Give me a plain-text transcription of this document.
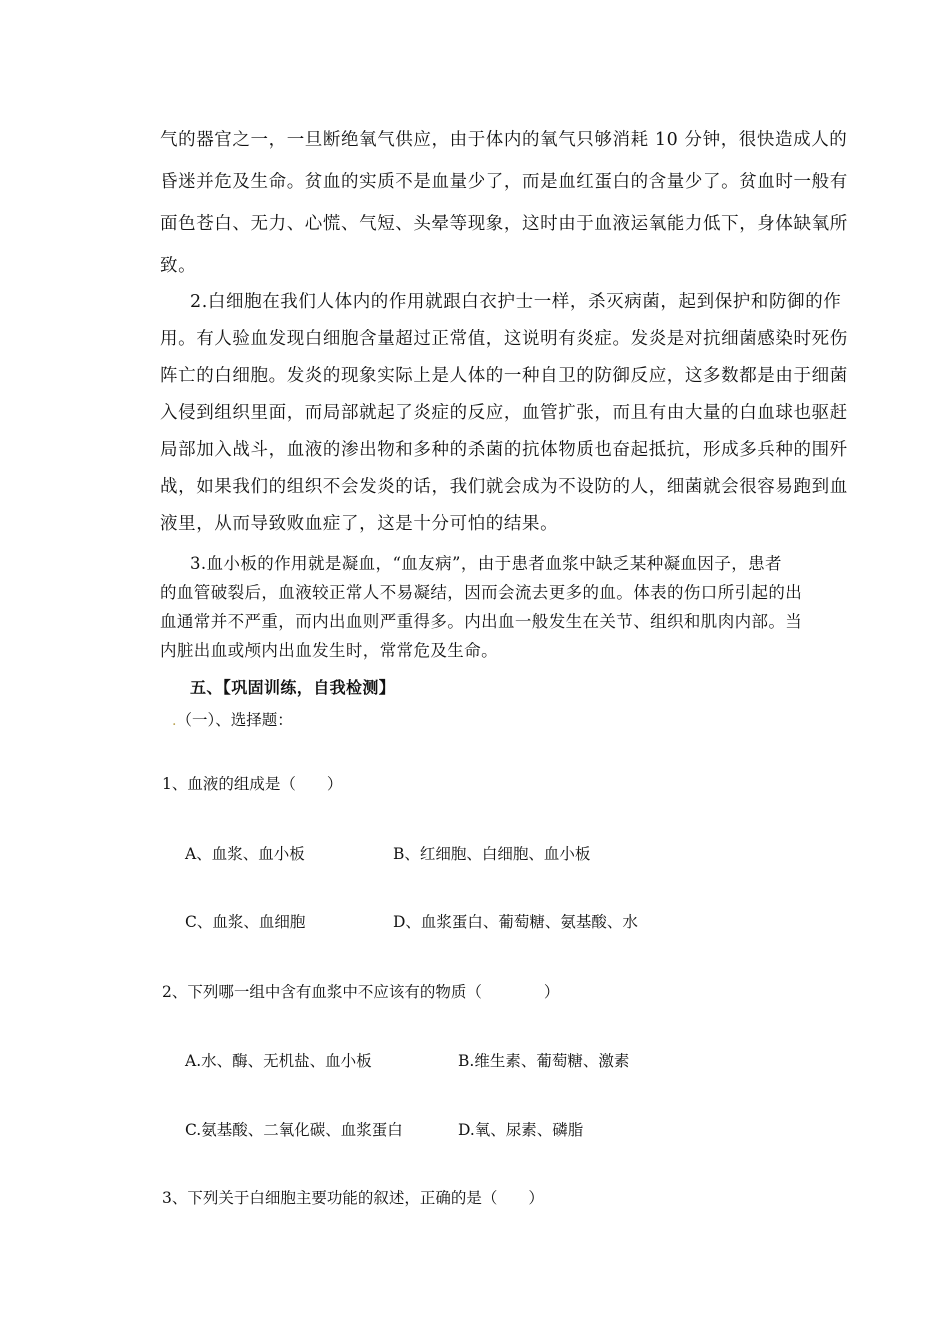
气的器官之一，一旦断绝氧气供应，由于体内的氧气只够消耗 10 分钟，很快造成人的
昏迷并危及生命。贫血的实质不是血量少了，而是血红蛋白的含量少了。贫血时一般有
面色苍白、无力、心慌、气短、头晕等现象，这时由于血液运氧能力低下，身体缺氧所
致。
2.白细胞在我们人体内的作用就跟白衣护士一样，杀灭病菌，起到保护和防御的作
用。有人验血发现白细胞含量超过正常值，这说明有炎症。发炎是对抗细菌感染时死伤
阵亡的白细胞。发炎的现象实际上是人体的一种自卫的防御反应，这多数都是由于细菌
入侵到组织里面，而局部就起了炎症的反应，血管扩张，而且有由大量的白血球也驱赶
局部加入战斗，血液的渗出物和多种的杀菌的抗体物质也奋起抵抗，形成多兵种的围歼
战，如果我们的组织不会发炎的话，我们就会成为不设防的人，细菌就会很容易跑到血
液里，从而导致败血症了，这是十分可怕的结果。
3.血小板的作用就是凝血，“血友病”，由于患者血浆中缺乏某种凝血因子，患者
的血管破裂后，血液较正常人不易凝结，因而会流去更多的血。体表的伤口所引起的出
血通常并不严重，而内出血则严重得多。内出血一般发生在关节、组织和肌肉内部。当
内脏出血或颅内出血发生时，常常危及生命。
五、【巩固训练，自我检测】
.（一）、选择题：
1、血液的组成是（　　）
A、血浆、血小板	B、红细胞、白细胞、血小板
C、血浆、血细胞	D、血浆蛋白、葡萄糖、氨基酸、水
2、下列哪一组中含有血浆中不应该有的物质（　　　　）
A.水、酶、无机盐、血小板	B.维生素、葡萄糖、激素
C.氨基酸、二氧化碳、血浆蛋白	D.氧、尿素、磷脂
3、下列关于白细胞主要功能的叙述，正确的是（　　）
